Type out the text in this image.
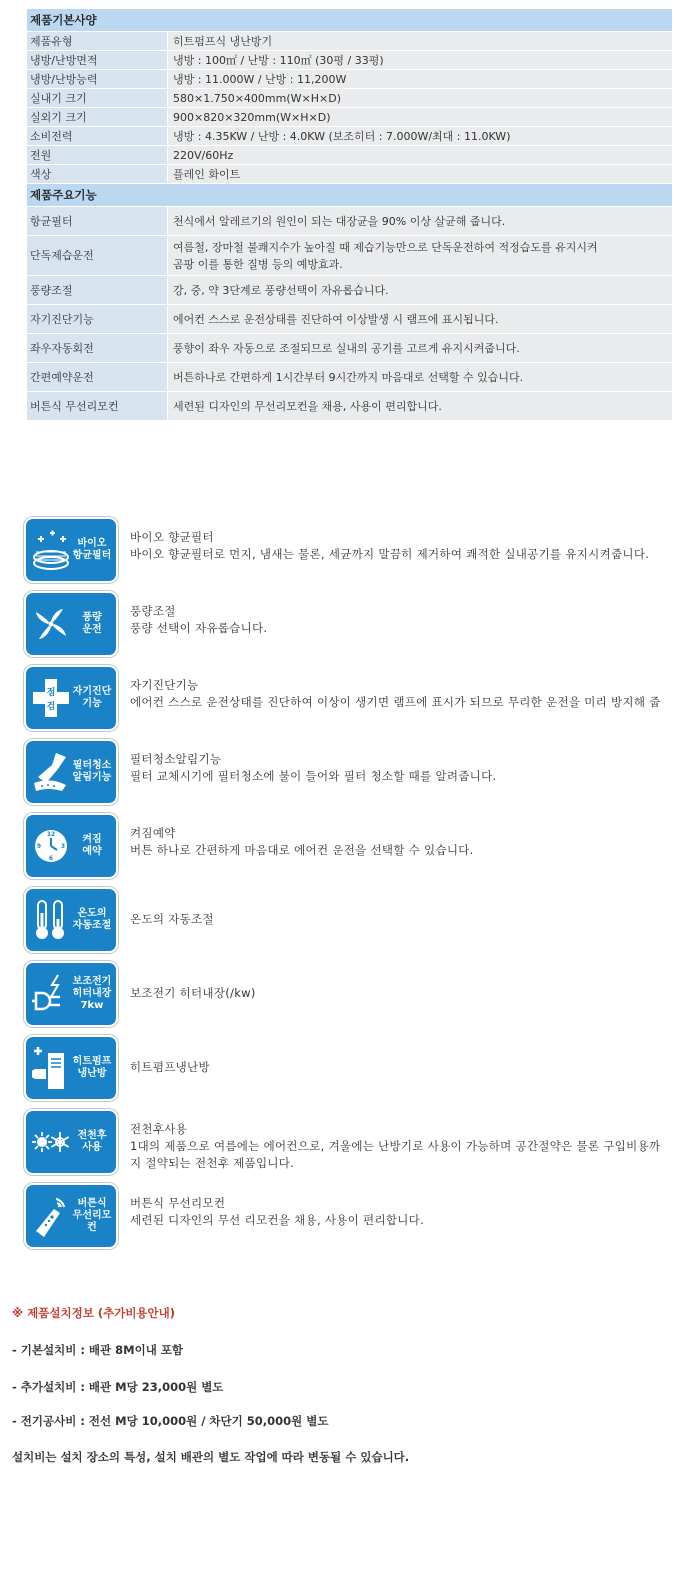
제품기본사양	
제품유형	히트펌프식 냉난방기
냉방/난방면적	냉방 : 100㎡ / 난방 : 110㎡ (30평 / 33평)
냉방/난방능력	냉방 : 11.000W / 난방 : 11,200W
실내기 크기	580×1.750×400mm(W×H×D)
실외기 크기	900×820×320mm(W×H×D)
소비전력	냉방 : 4.35KW / 난방 : 4.0KW (보조히터 : 7.000W/최대 : 11.0KW)
전원	220V/60Hz
색상	플레인 화이트
제품주요기능	
항균필터	천식에서 알레르기의 원인이 되는 대장균을 90% 이상 살균해 줍니다.
단독제습운전	여름철, 장마철 불쾌지수가 높아질 때 제습기능만으로 단독운전하여 적정습도를 유지시켜
곰팡 이를 통한 질병 등의 예방효과.
풍량조절	강, 중, 약 3단계로 풍량선택이 자유롭습니다.
자기진단기능	에어컨 스스로 운전상태를 진단하여 이상발생 시 램프에 표시됩니다.
좌우자동회전	풍향이 좌우 자동으로 조절되므로 실내의 공기를 고르게 유지시켜줍니다.
간편예약운전	버튼하나로 간편하게 1시간부터 9시간까지 마음대로 선택할 수 있습니다.
버튼식 무선리모컨	세련된 디자인의 무선리모컨을 채용, 사용이 편리합니다.
바이오
항균필터
바이오 향균필터
바이오 향균필터로 먼지, 냄새는 물론, 세균까지 말끔히 제거하여 쾌적한 실내공기를 유지시켜줍니다.
풍량
운전
풍량조절
풍량 선택이 자유롭습니다.
점
검
자기진단
기능
자기진단기능
에어컨 스스로 운전상태를 진단하여 이상이 생기면 램프에 표시가 되므로 무리한 운전을 미리 방지해 줍
필터청소
알림기능
필터청소알림기능
필터 교체시기에 필터청소에 불이 들어와 필터 청소할 때를 알려줍니다.
12
3
6
9
켜짐
예약
켜짐예약
버튼 하나로 간편하게 마음대로 에어컨 운전을 선택할 수 있습니다.
온도의
자동조절 온도의 자동조절
보조전기
히터내장
7kw
보조전기 히터내장(/kw)
히트펌프
냉난방 히트폄프냉난방
전천후
사용
전천후사용
1대의 제품으로 여름에는 에어컨으로, 겨울에는 난방기로 사용이 가능하며 공간절약은 물론 구입비용까
지 절약되는 전천후 제품입니다.
버튼식
무선리모컨
버튼식 무선리모컨
세련된 디자인의 무선 리모컨을 채용, 사용이 편리합니다.
※ 제품설치정보 (추가비용안내)
- 기본설치비 : 배관 8M이내 포함
- 추가설치비 : 배관 M당 23,000원 별도
- 전기공사비 : 전선 M당 10,000원 / 차단기 50,000원 별도
설치비는 설치 장소의 특성, 설치 배관의 별도 작업에 따라 변동될 수 있습니다.
